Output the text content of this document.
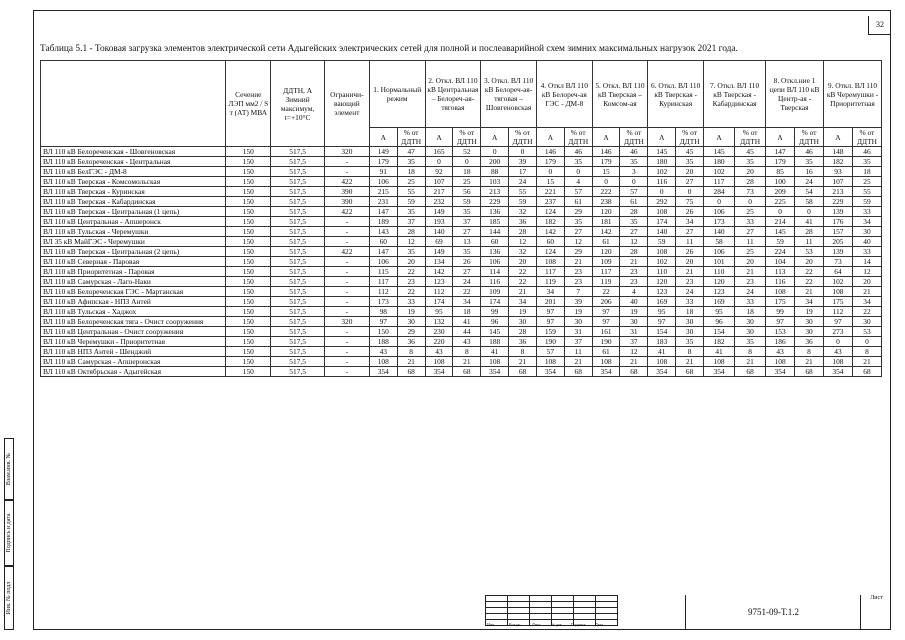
32
Таблица 5.1 - Токовая загрузка элементов электрической сети Адыгейских электрических сетей для полной и послеаварийной схем зимних максимальных нагрузок 2021 года.
	Сечение ЛЭП мм2 / S т (АТ) МВА	ДДТН, А Зимний максимум, t=+10°С	Ограничи-вающий элемент	1. Нормальный режим		2. Откл. ВЛ 110 кВ Центральная – Белореч-ая-тяговая		3. Откл. ВЛ 110 кВ Белореч-ая-тяговая – Шовгеновская		4. Откл ВЛ 110 кВ Белореч-ая ГЭС - ДМ-8		5. Откл. ВЛ 110 кВ Тверская – Комсом-ая		6. Откл. ВЛ 110 кВ Тверская - Куринская		7. Откл. ВЛ 110 кВ Тверская - Кабардинская		8. Откл.ние 1 цепи ВЛ 110 кВ Центр-ая - Тверская		9. Откл. ВЛ 110 кВ Черемушки - Приоритетная	
				А	% от ДДТН	А	% от ДДТН	А	% от ДДТН	А	% от ДДТН	А	% от ДДТН	А	% от ДДТН	А	% от ДДТН	А	% от ДДТН	А	% от ДДТН
ВЛ 110 кВ Белореченская - Шовгеновская	150	517,5	320	149	47	165	52	0	0	146	46	146	46	145	45	145	45	147	46	148	46
ВЛ 110 кВ Белореченская - Центральная	150	517,5	-	179	35	0	0	200	39	179	35	179	35	180	35	180	35	179	35	182	35
ВЛ 110 кВ БелГЭС - ДМ-8	150	517,5	-	91	18	92	18	88	17	0	0	15	3	102	20	102	20	85	16	93	18
ВЛ 110 кВ Тверская - Комсомольская	150	517,5	422	106	25	107	25	103	24	15	4	0	0	116	27	117	28	100	24	107	25
ВЛ 110 кВ Тверская - Куринская	150	517,5	390	215	55	217	56	213	55	221	57	222	57	0	0	284	73	209	54	213	55
ВЛ 110 кВ Тверская - Кабардинская	150	517,5	390	231	59	232	59	229	59	237	61	238	61	292	75	0	0	225	58	229	59
ВЛ 110 кВ Тверская - Центральная (1 цепь)	150	517,5	422	147	35	149	35	136	32	124	29	120	28	108	26	106	25	0	0	139	33
ВЛ 110 кВ Центральная - Апшеронск	150	517,5	-	189	37	193	37	185	36	182	35	181	35	174	34	173	33	214	41	176	34
ВЛ 110 кВ Тульская - Черемушки	150	517,5	-	143	28	140	27	144	28	142	27	142	27	140	27	140	27	145	28	157	30
ВЛ 35 кВ МайГЭС - Черемушки	150	517,5	-	60	12	69	13	60	12	60	12	61	12	59	11	58	11	59	11	205	40
ВЛ 110 кВ Тверская - Центральная (2 цепь)	150	517,5	422	147	35	149	35	136	32	124	29	120	28	108	26	106	25	224	53	139	33
ВЛ 110 кВ Северная - Паровая	150	517,5	-	106	20	134	26	106	20	108	21	109	21	102	20	101	20	104	20	73	14
ВЛ 110 кВ Приоритетная - Паровая	150	517,5	-	115	22	142	27	114	22	117	23	117	23	110	21	110	21	113	22	64	12
ВЛ 110 кВ Самурская - Лаго-Наки	150	517,5	-	117	23	123	24	116	22	119	23	119	23	120	23	120	23	116	22	102	20
ВЛ 110 кВ Белореченская ГЭС - Мартанская	150	517,5	-	112	22	112	22	109	21	34	7	22	4	123	24	123	24	108	21	108	21
ВЛ 110 кВ Афипская - НПЗ Антей	150	517,5	-	173	33	174	34	174	34	201	39	206	40	169	33	169	33	175	34	175	34
ВЛ 110 кВ Тульская - Хаджох	150	517,5	-	98	19	95	18	99	19	97	19	97	19	95	18	95	18	99	19	112	22
ВЛ 110 кВ Белореченская тяга - Очист сооружения	150	517,5	320	97	30	132	41	96	30	97	30	97	30	97	30	96	30	97	30	97	30
ВЛ 110 кВ Центральная - Очист сооружения	150	517,5	-	150	29	230	44	145	28	159	31	161	31	154	30	154	30	153	30	273	53
ВЛ 110 кВ Черемушки - Приоритетная	150	517,5	-	188	36	220	43	188	36	190	37	190	37	183	35	182	35	186	36	0	0
ВЛ 110 кВ НПЗ Антей - Шенджий	150	517,5	-	43	8	43	8	41	8	57	11	61	12	41	8	41	8	43	8	43	8
ВЛ 110 кВ Самурская - Апшеронская	150	517,5	-	108	21	108	21	108	21	108	21	108	21	108	21	108	21	108	21	108	21
ВЛ 110 кВ Октябрьская - Адыгейская	150	517,5	-	354	68	354	68	354	68	354	68	354	68	354	68	354	68	354	68	354	68
Взам.инв. №
Подпись и дата
Инв. № подл

Изм.	Кол.уч	Лист	№ док. Подпись Дата
9751-09-Т.1.2
Лист
